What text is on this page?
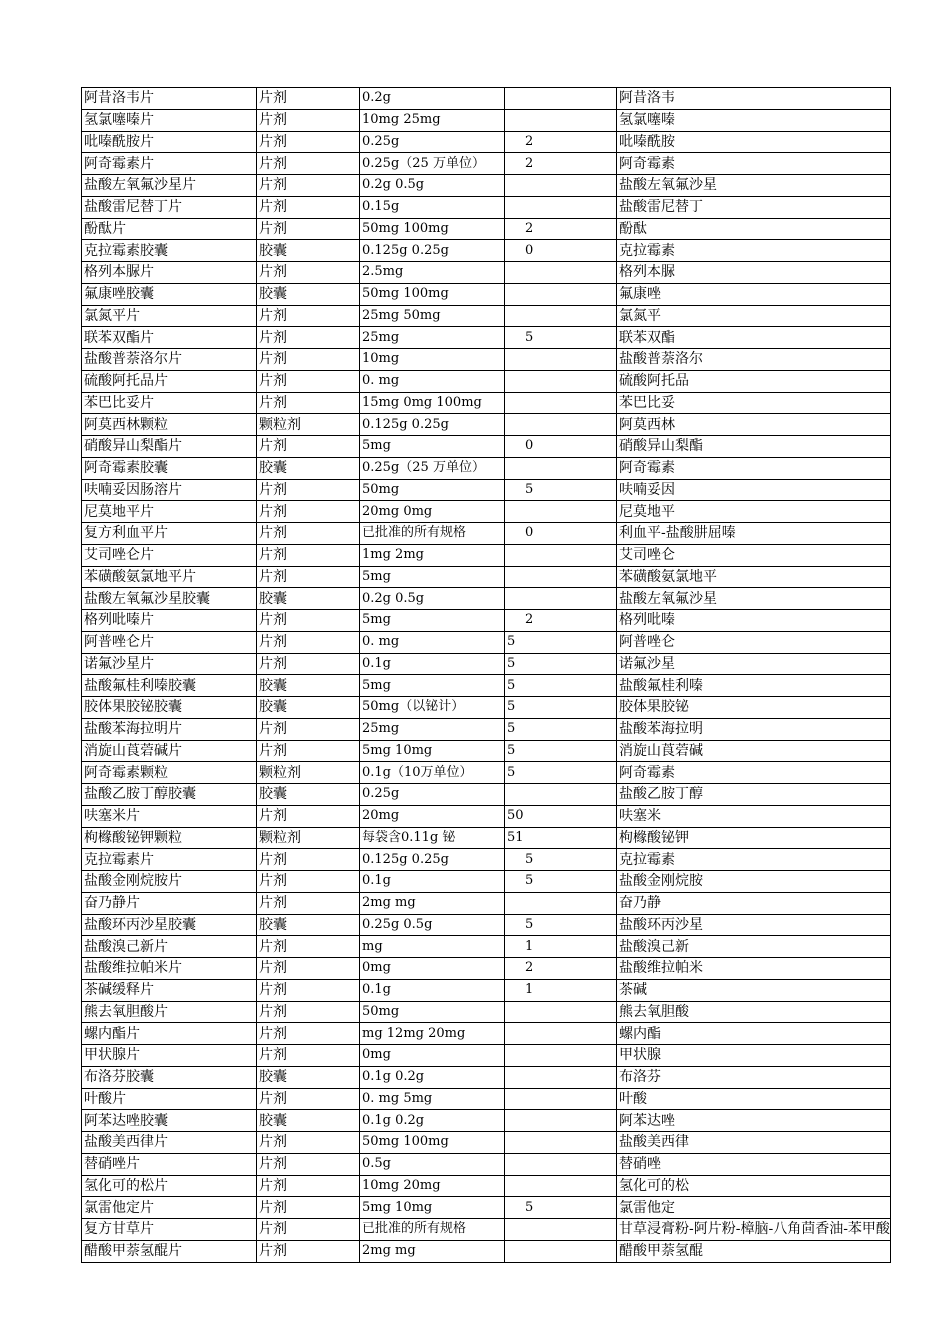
阿昔洛韦片	片剂	0.2g		阿昔洛韦
氢氯噻嗪片	片剂	10mg 25mg		氢氯噻嗪
吡嗪酰胺片	片剂	0.25g	2	吡嗪酰胺
阿奇霉素片	片剂	0.25g（25 万单位）	2	阿奇霉素
盐酸左氧氟沙星片	片剂	0.2g 0.5g		盐酸左氧氟沙星
盐酸雷尼替丁片	片剂	0.15g		盐酸雷尼替丁
酚酞片	片剂	50mg 100mg	2	酚酞
克拉霉素胶囊	胶囊	0.125g 0.25g	0	克拉霉素
格列本脲片	片剂	2.5mg		格列本脲
氟康唑胶囊	胶囊	50mg 100mg		氟康唑
氯氮平片	片剂	25mg 50mg		氯氮平
联苯双酯片	片剂	25mg	5	联苯双酯
盐酸普萘洛尔片	片剂	10mg		盐酸普萘洛尔
硫酸阿托品片	片剂	0. mg		硫酸阿托品
苯巴比妥片	片剂	15mg 0mg 100mg		苯巴比妥
阿莫西林颗粒	颗粒剂	0.125g 0.25g		阿莫西林
硝酸异山梨酯片	片剂	5mg	0	硝酸异山梨酯
阿奇霉素胶囊	胶囊	0.25g（25 万单位）		阿奇霉素
呋喃妥因肠溶片	片剂	50mg	5	呋喃妥因
尼莫地平片	片剂	20mg 0mg		尼莫地平
复方利血平片	片剂	已批准的所有规格	0	利血平-盐酸肼屈嗪
艾司唑仑片	片剂	1mg 2mg		艾司唑仑
苯磺酸氨氯地平片	片剂	5mg		苯磺酸氨氯地平
盐酸左氧氟沙星胶囊	胶囊	0.2g 0.5g		盐酸左氧氟沙星
格列吡嗪片	片剂	5mg	2	格列吡嗪
阿普唑仑片	片剂	0. mg	5	阿普唑仑
诺氟沙星片	片剂	0.1g	5	诺氟沙星
盐酸氟桂利嗪胶囊	胶囊	5mg	5	盐酸氟桂利嗪
胶体果胶铋胶囊	胶囊	50mg（以铋计）	5	胶体果胶铋
盐酸苯海拉明片	片剂	25mg	5	盐酸苯海拉明
消旋山莨菪碱片	片剂	5mg 10mg	5	消旋山莨菪碱
阿奇霉素颗粒	颗粒剂	0.1g（10万单位）	5	阿奇霉素
盐酸乙胺丁醇胶囊	胶囊	0.25g		盐酸乙胺丁醇
呋塞米片	片剂	20mg	50	呋塞米
枸橼酸铋钾颗粒	颗粒剂	每袋含0.11g 铋	51	枸橼酸铋钾
克拉霉素片	片剂	0.125g 0.25g	5	克拉霉素
盐酸金刚烷胺片	片剂	0.1g	5	盐酸金刚烷胺
奋乃静片	片剂	2mg mg		奋乃静
盐酸环丙沙星胶囊	胶囊	0.25g 0.5g	5	盐酸环丙沙星
盐酸溴己新片	片剂	mg	1	盐酸溴己新
盐酸维拉帕米片	片剂	0mg	2	盐酸维拉帕米
茶碱缓释片	片剂	0.1g	1	茶碱
熊去氧胆酸片	片剂	50mg		熊去氧胆酸
螺内酯片	片剂	mg 12mg 20mg		螺内酯
甲状腺片	片剂	0mg		甲状腺
布洛芬胶囊	胶囊	0.1g 0.2g		布洛芬
叶酸片	片剂	0. mg 5mg		叶酸
阿苯达唑胶囊	胶囊	0.1g 0.2g		阿苯达唑
盐酸美西律片	片剂	50mg 100mg		盐酸美西律
替硝唑片	片剂	0.5g		替硝唑
氢化可的松片	片剂	10mg 20mg		氢化可的松
氯雷他定片	片剂	5mg 10mg	5	氯雷他定
复方甘草片	片剂	已批准的所有规格		甘草浸膏粉-阿片粉-樟脑-八角茴香油-苯甲酸
醋酸甲萘氢醌片	片剂	2mg mg		醋酸甲萘氢醌
